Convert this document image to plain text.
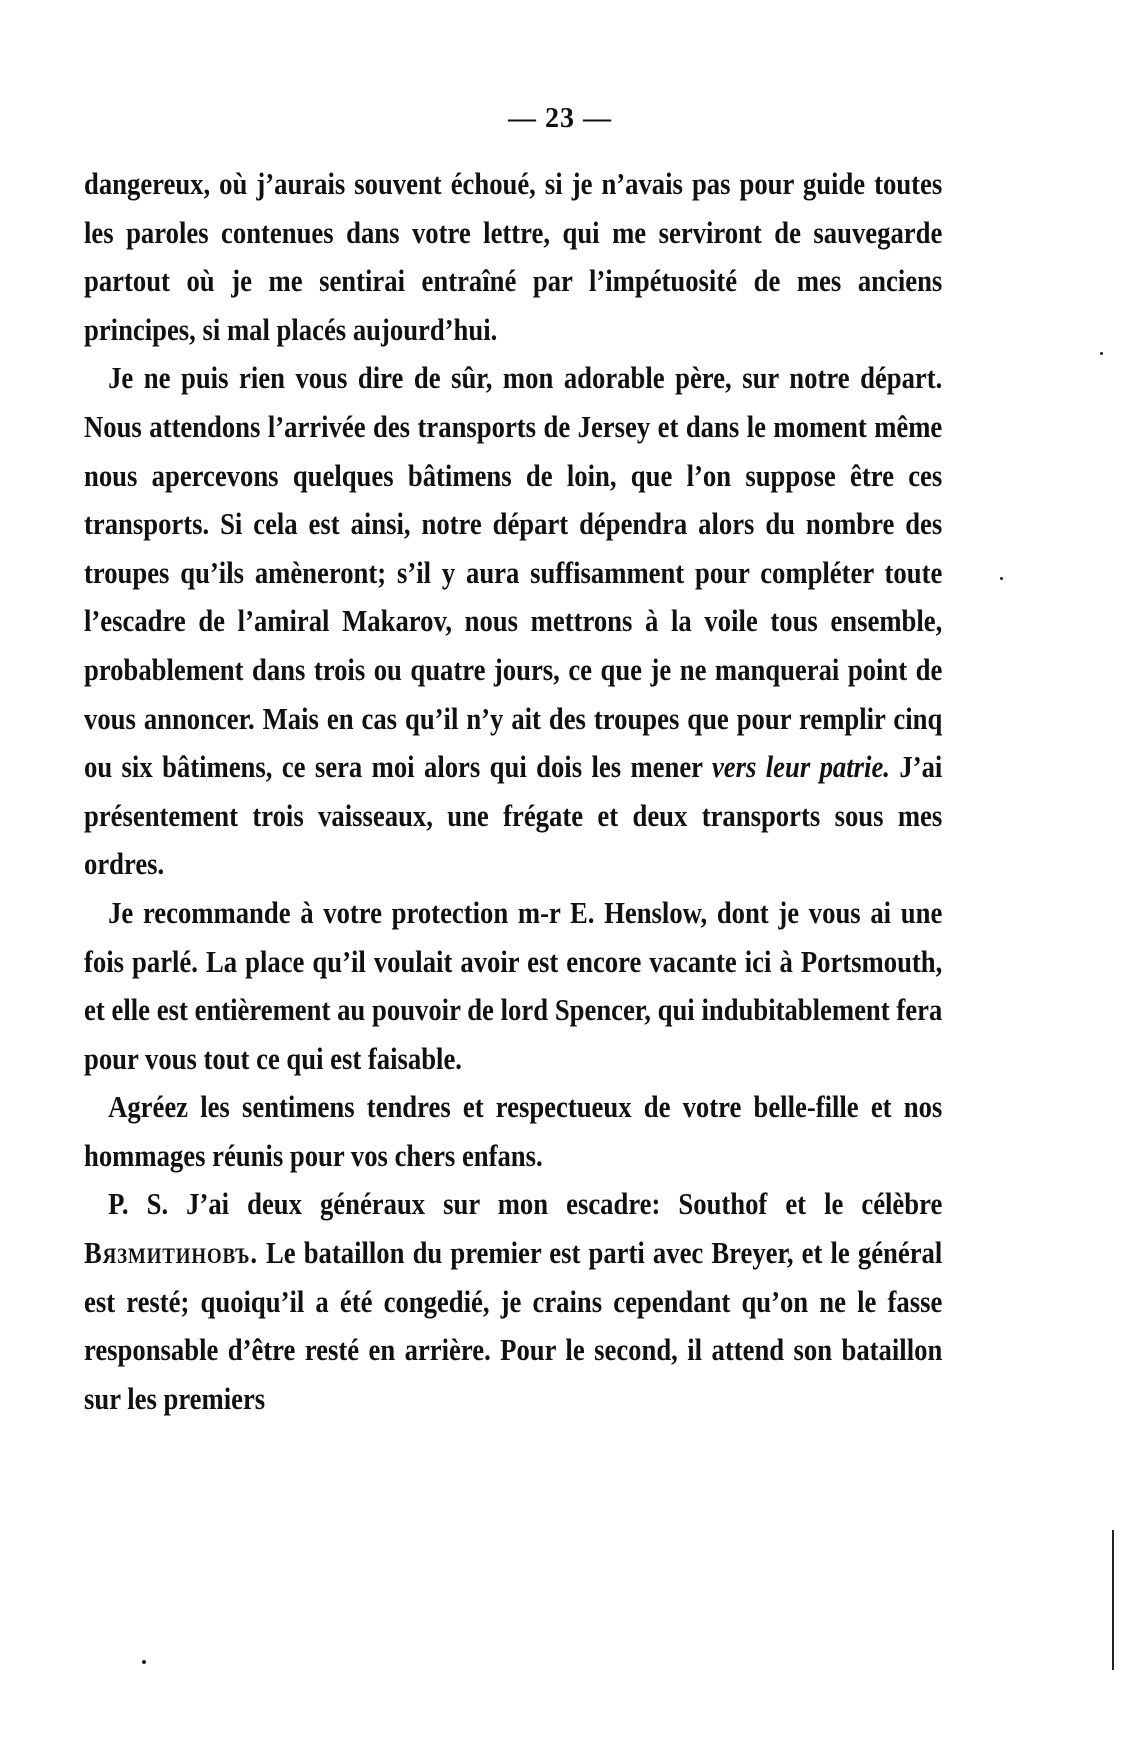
— 23 —

dangereux, où j’aurais souvent échoué, si je n’avais pas pour guide toutes les paroles contenues dans votre lettre, qui me serviront de sauvegarde partout où je me sentirai entraîné par l’impétuosité de mes anciens principes, si mal placés aujourd’hui.

Je ne puis rien vous dire de sûr, mon adorable père, sur notre départ. Nous attendons l’arrivée des transports de Jersey et dans le moment même nous apercevons quelques bâtimens de loin, que l’on suppose être ces transports. Si cela est ainsi, notre départ dépendra alors du nombre des troupes qu’ils amèneront; s’il y aura suffisamment pour compléter toute l’escadre de l’amiral Makarov, nous mettrons à la voile tous ensemble, probablement dans trois ou quatre jours, ce que je ne manquerai point de vous annoncer. Mais en cas qu’il n’y ait des troupes que pour remplir cinq ou six bâtimens, ce sera moi alors qui dois les mener vers leur patrie. J’ai présentement trois vaisseaux, une frégate et deux transports sous mes ordres.

Je recommande à votre protection m-r E. Henslow, dont je vous ai une fois parlé. La place qu’il voulait avoir est encore vacante ici à Portsmouth, et elle est entièrement au pouvoir de lord Spencer, qui indubitablement fera pour vous tout ce qui est faisable.

Agréez les sentimens tendres et respectueux de votre belle-fille et nos hommages réunis pour vos chers enfans.

P. S. J’ai deux généraux sur mon escadre: Southof et le célèbre Вязмитиновъ. Le bataillon du premier est parti avec Breyer, et le général est resté; quoiqu’il a été congedié, je crains cependant qu’on ne le fasse responsable d’être resté en arrière. Pour le second, il attend son bataillon sur les premiers
